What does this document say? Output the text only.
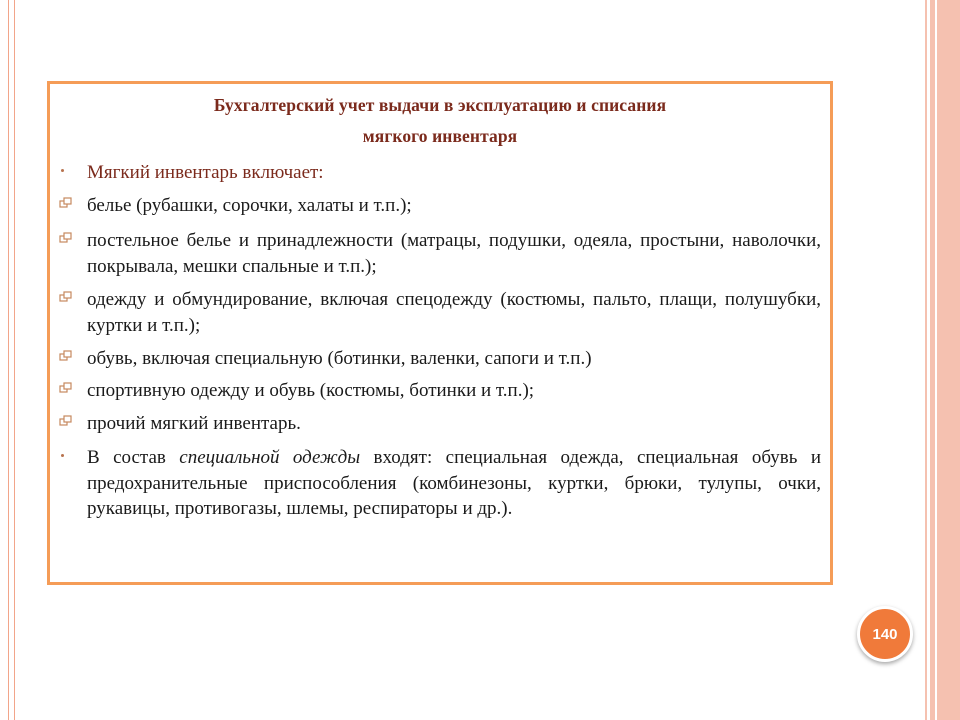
Бухгалтерский учет выдачи в эксплуатацию и списания
мягкого инвентаря
Мягкий инвентарь включает:
белье (рубашки, сорочки, халаты и т.п.);
постельное белье и принадлежности (матрацы, подушки, одеяла, простыни, наволочки, покрывала, мешки спальные и т.п.);
одежду и обмундирование, включая спецодежду (костюмы, пальто, плащи, полушубки, куртки и т.п.);
обувь, включая специальную (ботинки, валенки, сапоги и т.п.)
спортивную одежду и обувь (костюмы, ботинки и т.п.);
прочий мягкий инвентарь.
В состав специальной одежды входят: специальная одежда, специальная обувь и предохранительные приспособления (комбинезоны, куртки, брюки, тулупы, очки, рукавицы, противогазы, шлемы, респираторы и др.).
140
